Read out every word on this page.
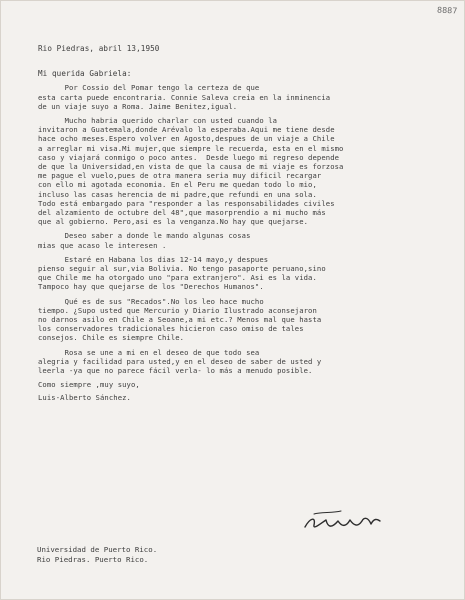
8887
Rio Piedras, abril 13,1950
Mi querida Gabriela:
Por Cossio del Pomar tengo la certeza de que
esta carta puede encontraria. Connie Saleva creia en la inminencia
de un viaje suyo a Roma. Jaime Benitez,igual.
Mucho habria querido charlar con usted cuando la
invitaron a Guatemala,donde Arévalo la esperaba.Aqui me tiene desde
hace ocho meses.Espero volver en Agosto,despues de un viaje a Chile
a arreglar mi visa.Mi mujer,que siempre le recuerda, esta en el mismo
caso y viajará conmigo o poco antes.  Desde luego mi regreso depende
de que la Universidad,en vista de que la causa de mi viaje es forzosa
me pague el vuelo,pues de otra manera seria muy dificil recargar
con ello mi agotada economia. En el Peru me quedan todo lo mio,
incluso las casas herencia de mi padre,que refundi en una sola.
Todo está embargado para "responder a las responsabilidades civiles
del alzamiento de octubre del 48",que masorprendio a mi mucho más
que al gobierno. Pero,asi es la venganza.No hay que quejarse.
Deseo saber a donde le mando algunas cosas
mias que acaso le interesen .
Estaré en Habana los dias 12-14 mayo,y despues
pienso seguir al sur,via Bolivia. No tengo pasaporte peruano,sino
que Chile me ha otorgado uno "para extranjero". Asi es la vida.
Tampoco hay que quejarse de los "Derechos Humanos".
Qué es de sus "Recados".No los leo hace mucho
tiempo. ¿Supo usted que Mercurio y Diario Ilustrado aconsejaron
no darnos asilo en Chile a Seoane,a mi etc.? Menos mal que hasta
los conservadores tradicionales hicieron caso omiso de tales
consejos. Chile es siempre Chile.
Rosa se une a mi en el deseo de que todo sea
alegria y facilidad para usted,y en el deseo de saber de usted y
leerla -ya que no parece fácil verla- lo más a menudo posible.
Como siempre ,muy suyo,
Luis-Alberto Sánchez.
Universidad de Puerto Rico.
Rio Piedras. Puerto Rico.
